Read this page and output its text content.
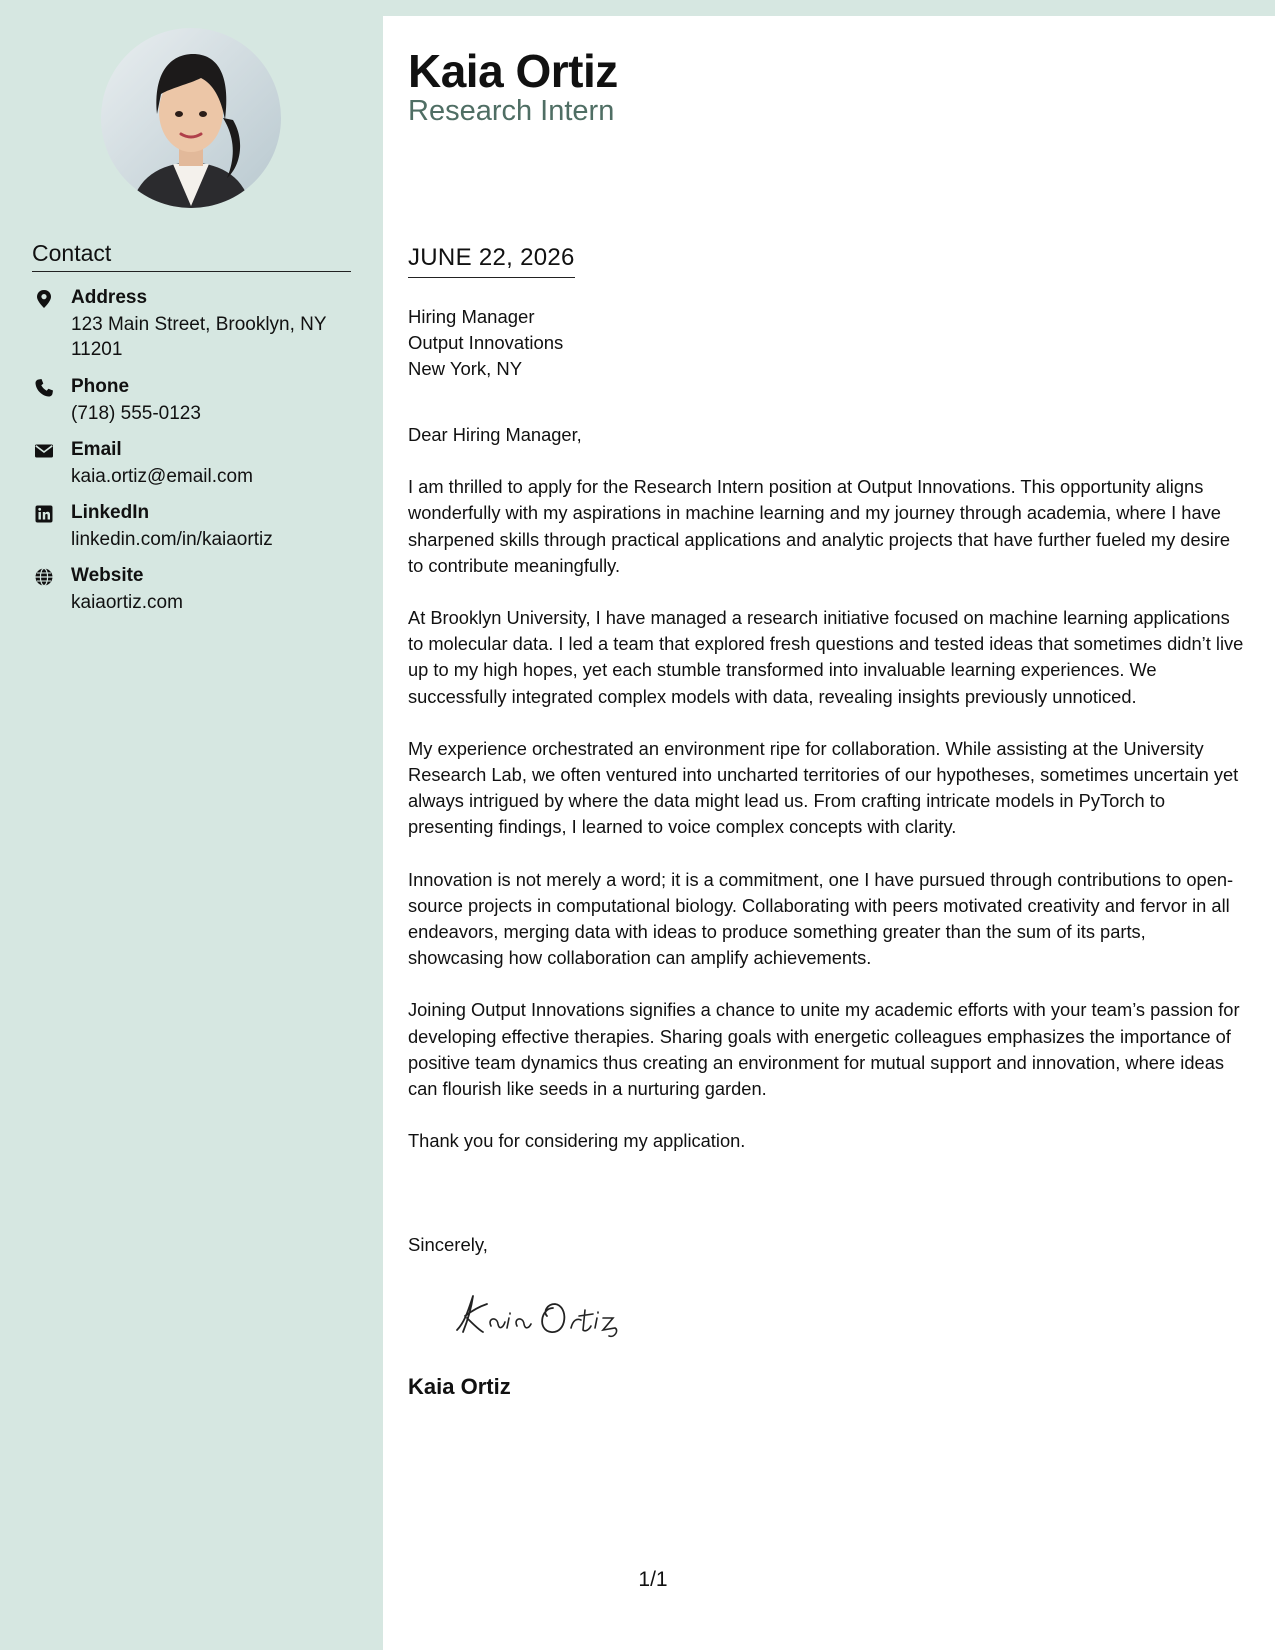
Contact
Address
123 Main Street, Brooklyn, NY 11201
Phone
(718) 555-0123
Email
kaia.ortiz@email.com
LinkedIn
linkedin.com/in/kaiaortiz
Website
kaiaortiz.com
Kaia Ortiz
Research Intern
JUNE 22, 2026
Hiring Manager
Output Innovations
New York, NY

Dear Hiring Manager,

I am thrilled to apply for the Research Intern position at Output Innovations. This opportunity aligns wonderfully with my aspirations in machine learning and my journey through academia, where I have sharpened skills through practical applications and analytic projects that have further fueled my desire to contribute meaningfully.

At Brooklyn University, I have managed a research initiative focused on machine learning applications to molecular data. I led a team that explored fresh questions and tested ideas that sometimes didn’t live up to my high hopes, yet each stumble transformed into invaluable learning experiences. We successfully integrated complex models with data, revealing insights previously unnoticed.

My experience orchestrated an environment ripe for collaboration. While assisting at the University Research Lab, we often ventured into uncharted territories of our hypotheses, sometimes uncertain yet always intrigued by where the data might lead us. From crafting intricate models in PyTorch to presenting findings, I learned to voice complex concepts with clarity.

Innovation is not merely a word; it is a commitment, one I have pursued through contributions to open-source projects in computational biology. Collaborating with peers motivated creativity and fervor in all endeavors, merging data with ideas to produce something greater than the sum of its parts, showcasing how collaboration can amplify achievements.

Joining Output Innovations signifies a chance to unite my academic efforts with your team’s passion for developing effective therapies. Sharing goals with energetic colleagues emphasizes the importance of positive team dynamics thus creating an environment for mutual support and innovation, where ideas can flourish like seeds in a nurturing garden.

Thank you for considering my application.

Sincerely,
Kaia Ortiz
1/1
